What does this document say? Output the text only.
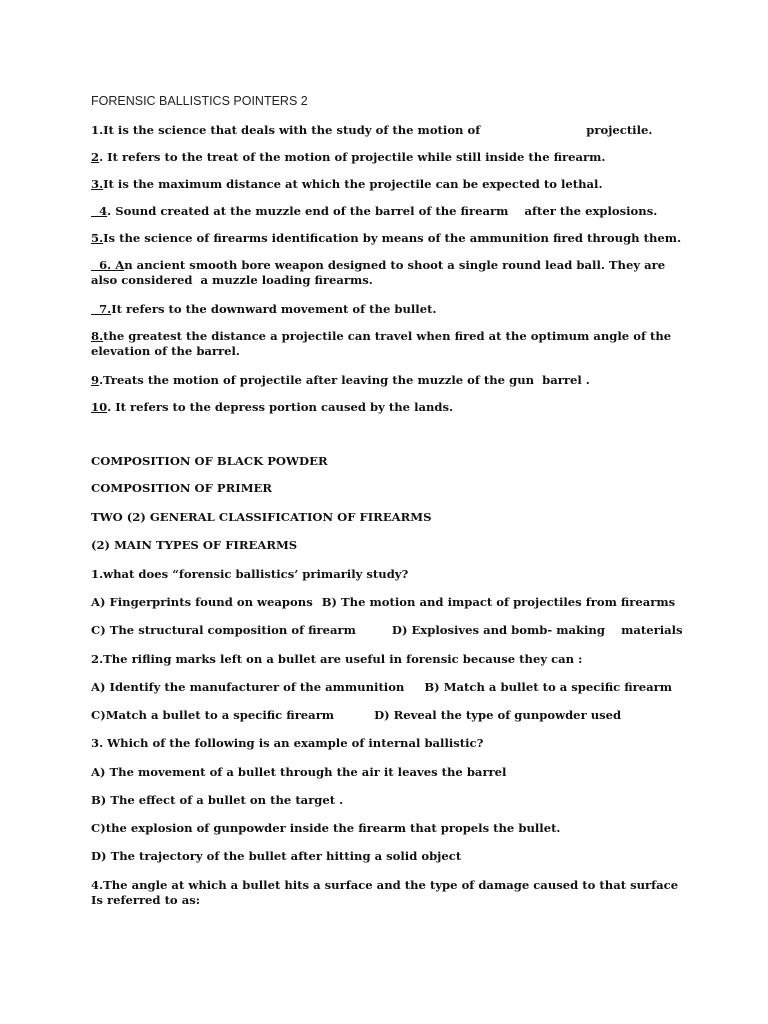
FORENSIC BALLISTICS POINTERS 2
1.It is the science that deals with the study of the motion of	projectile.
2. It refers to the treat of the motion of projectile while still inside the firearm.
3.It is the maximum distance at which the projectile can be expected to lethal.
4. Sound created at the muzzle end of the barrel of the firearm    after the explosions.
5.Is the science of firearms identification by means of the ammunition fired through them.
6. An ancient smooth bore weapon designed to shoot a single round lead ball. They are also considered  a muzzle loading firearms.
7.It refers to the downward movement of the bullet.
8.the greatest the distance a projectile can travel when fired at the optimum angle of the elevation of the barrel.
9.Treats the motion of projectile after leaving the muzzle of the gun  barrel .
10. It refers to the depress portion caused by the lands.
COMPOSITION OF BLACK POWDER
COMPOSITION OF PRIMER
TWO (2) GENERAL CLASSIFICATION OF FIREARMS
(2) MAIN TYPES OF FIREARMS
1.what does “forensic ballistics’ primarily study?
A) Fingerprints found on weapons B) The motion and impact of projectiles from firearms
C) The structural composition of firearm	D) Explosives and bomb- making    materials
2.The rifling marks left on a bullet are useful in forensic because they can :
A) Identify the manufacturer of the ammunition B) Match a bullet to a specific firearm
C)Match a bullet to a specific firearm	D) Reveal the type of gunpowder used
3. Which of the following is an example of internal ballistic?
A) The movement of a bullet through the air it leaves the barrel
B) The effect of a bullet on the target .
C)the explosion of gunpowder inside the firearm that propels the bullet.
D) The trajectory of the bullet after hitting a solid object
4.The angle at which a bullet hits a surface and the type of damage caused to that surface Is referred to as:
